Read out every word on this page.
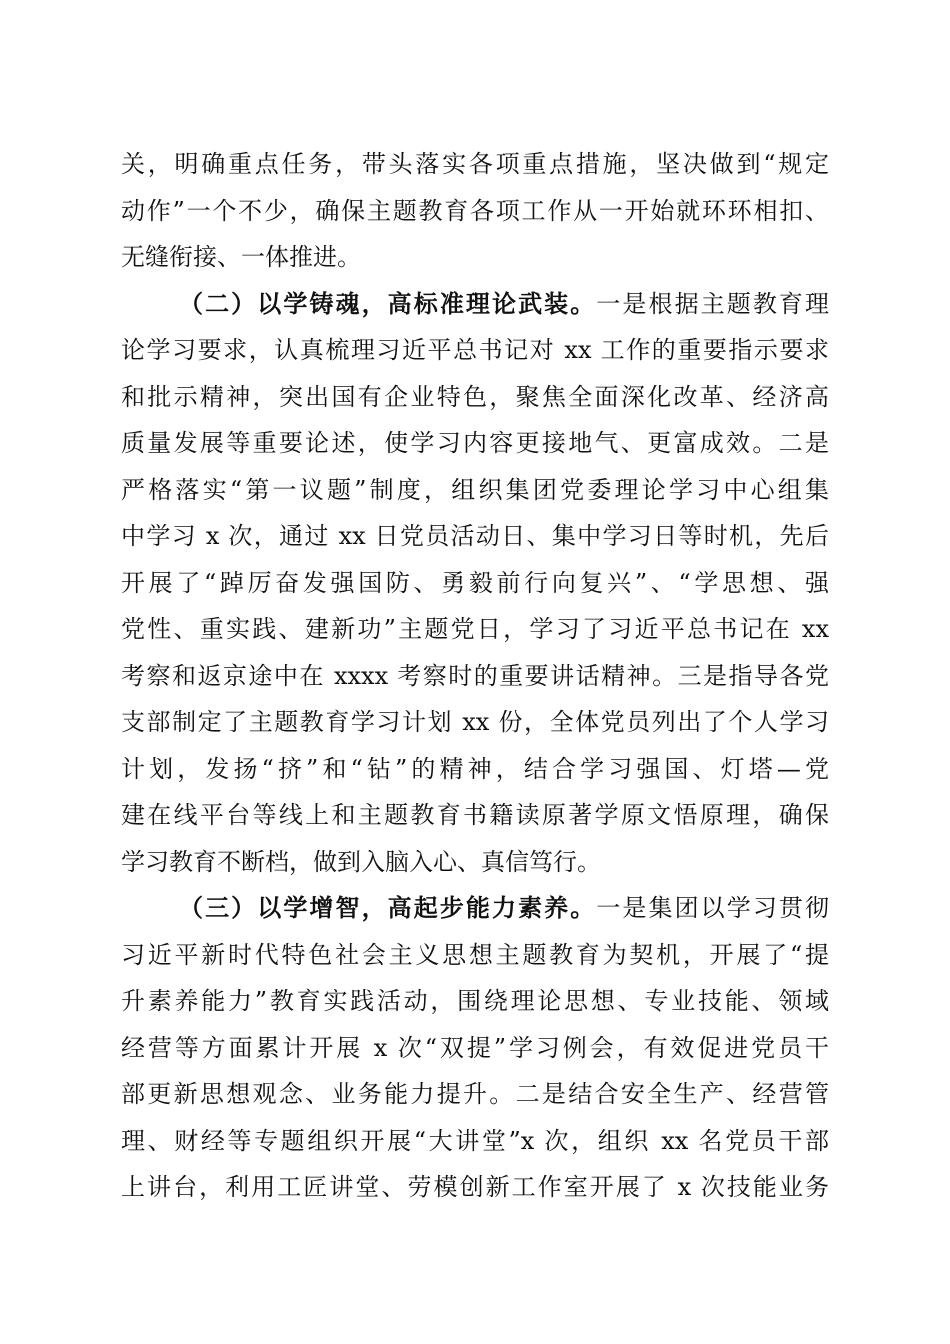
关，明确重点任务，带头落实各项重点措施，坚决做到“规定
动作”一个不少，确保主题教育各项工作从一开始就环环相扣、
无缝衔接、一体推进。
（二）以学铸魂，高标准理论武装。一是根据主题教育理
论学习要求，认真梳理习近平总书记对 xx 工作的重要指示要求
和批示精神，突出国有企业特色，聚焦全面深化改革、经济高
质量发展等重要论述，使学习内容更接地气、更富成效。二是
严格落实“第一议题”制度，组织集团党委理论学习中心组集
中学习 x 次，通过 xx 日党员活动日、集中学习日等时机，先后
开展了“踔厉奋发强国防、勇毅前行向复兴”、“学思想、强
党性、重实践、建新功”主题党日，学习了习近平总书记在 xx
考察和返京途中在 xxxx 考察时的重要讲话精神。三是指导各党
支部制定了主题教育学习计划 xx 份，全体党员列出了个人学习
计划，发扬“挤”和“钻”的精神，结合学习强国、灯塔—党
建在线平台等线上和主题教育书籍读原著学原文悟原理，确保
学习教育不断档，做到入脑入心、真信笃行。
（三）以学增智，高起步能力素养。一是集团以学习贯彻
习近平新时代特色社会主义思想主题教育为契机，开展了“提
升素养能力”教育实践活动，围绕理论思想、专业技能、领域
经营等方面累计开展 x 次“双提”学习例会，有效促进党员干
部更新思想观念、业务能力提升。二是结合安全生产、经营管
理、财经等专题组织开展“大讲堂”x 次，组织 xx 名党员干部
上讲台，利用工匠讲堂、劳模创新工作室开展了 x 次技能业务
